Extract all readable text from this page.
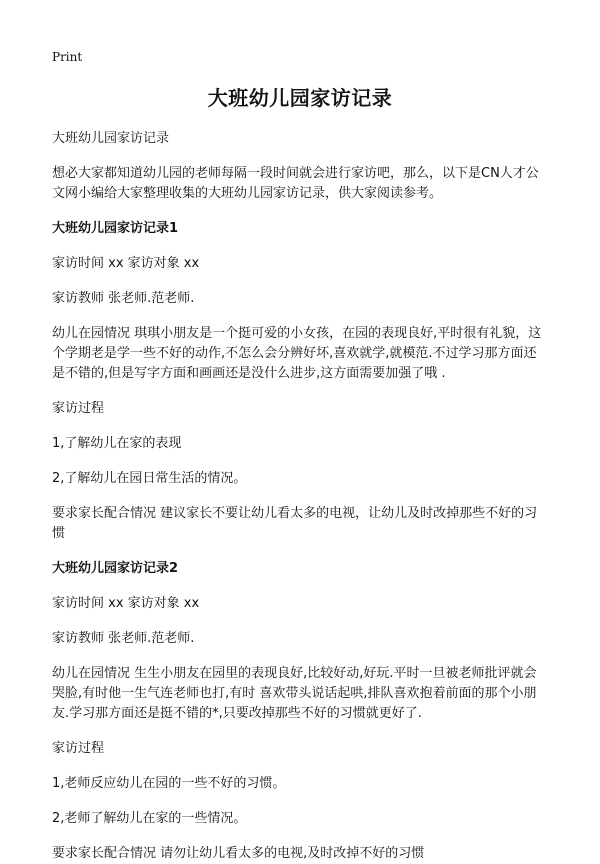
Print
大班幼儿园家访记录

大班幼儿园家访记录

想必大家都知道幼儿园的老师每隔一段时间就会进行家访吧，那么，以下是CN人才公文网小编给大家整理收集的大班幼儿园家访记录，供大家阅读参考。

大班幼儿园家访记录1

家访时间 xx 家访对象 xx

家访教师 张老师.范老师.

幼儿在园情况 琪琪小朋友是一个挺可爱的小女孩，在园的表现良好,平时很有礼貌，这个学期老是学一些不好的动作,不怎么会分辨好坏,喜欢就学,就模范.不过学习那方面还是不错的,但是写字方面和画画还是没什么进步,这方面需要加强了哦 .

家访过程

1,了解幼儿在家的表现

2,了解幼儿在园日常生活的情况。

要求家长配合情况 建议家长不要让幼儿看太多的电视，让幼儿及时改掉那些不好的习惯

大班幼儿园家访记录2

家访时间 xx 家访对象 xx

家访教师 张老师.范老师.

幼儿在园情况 生生小朋友在园里的表现良好,比较好动,好玩.平时一旦被老师批评就会哭脸,有时他一生气连老师也打,有时 喜欢带头说话起哄,排队喜欢抱着前面的那个小朋友.学习那方面还是挺不错的*,只要改掉那些不好的习惯就更好了.

家访过程

1,老师反应幼儿在园的一些不好的习惯。

2,老师了解幼儿在家的一些情况。

要求家长配合情况 请勿让幼儿看太多的电视,及时改掉不好的习惯
